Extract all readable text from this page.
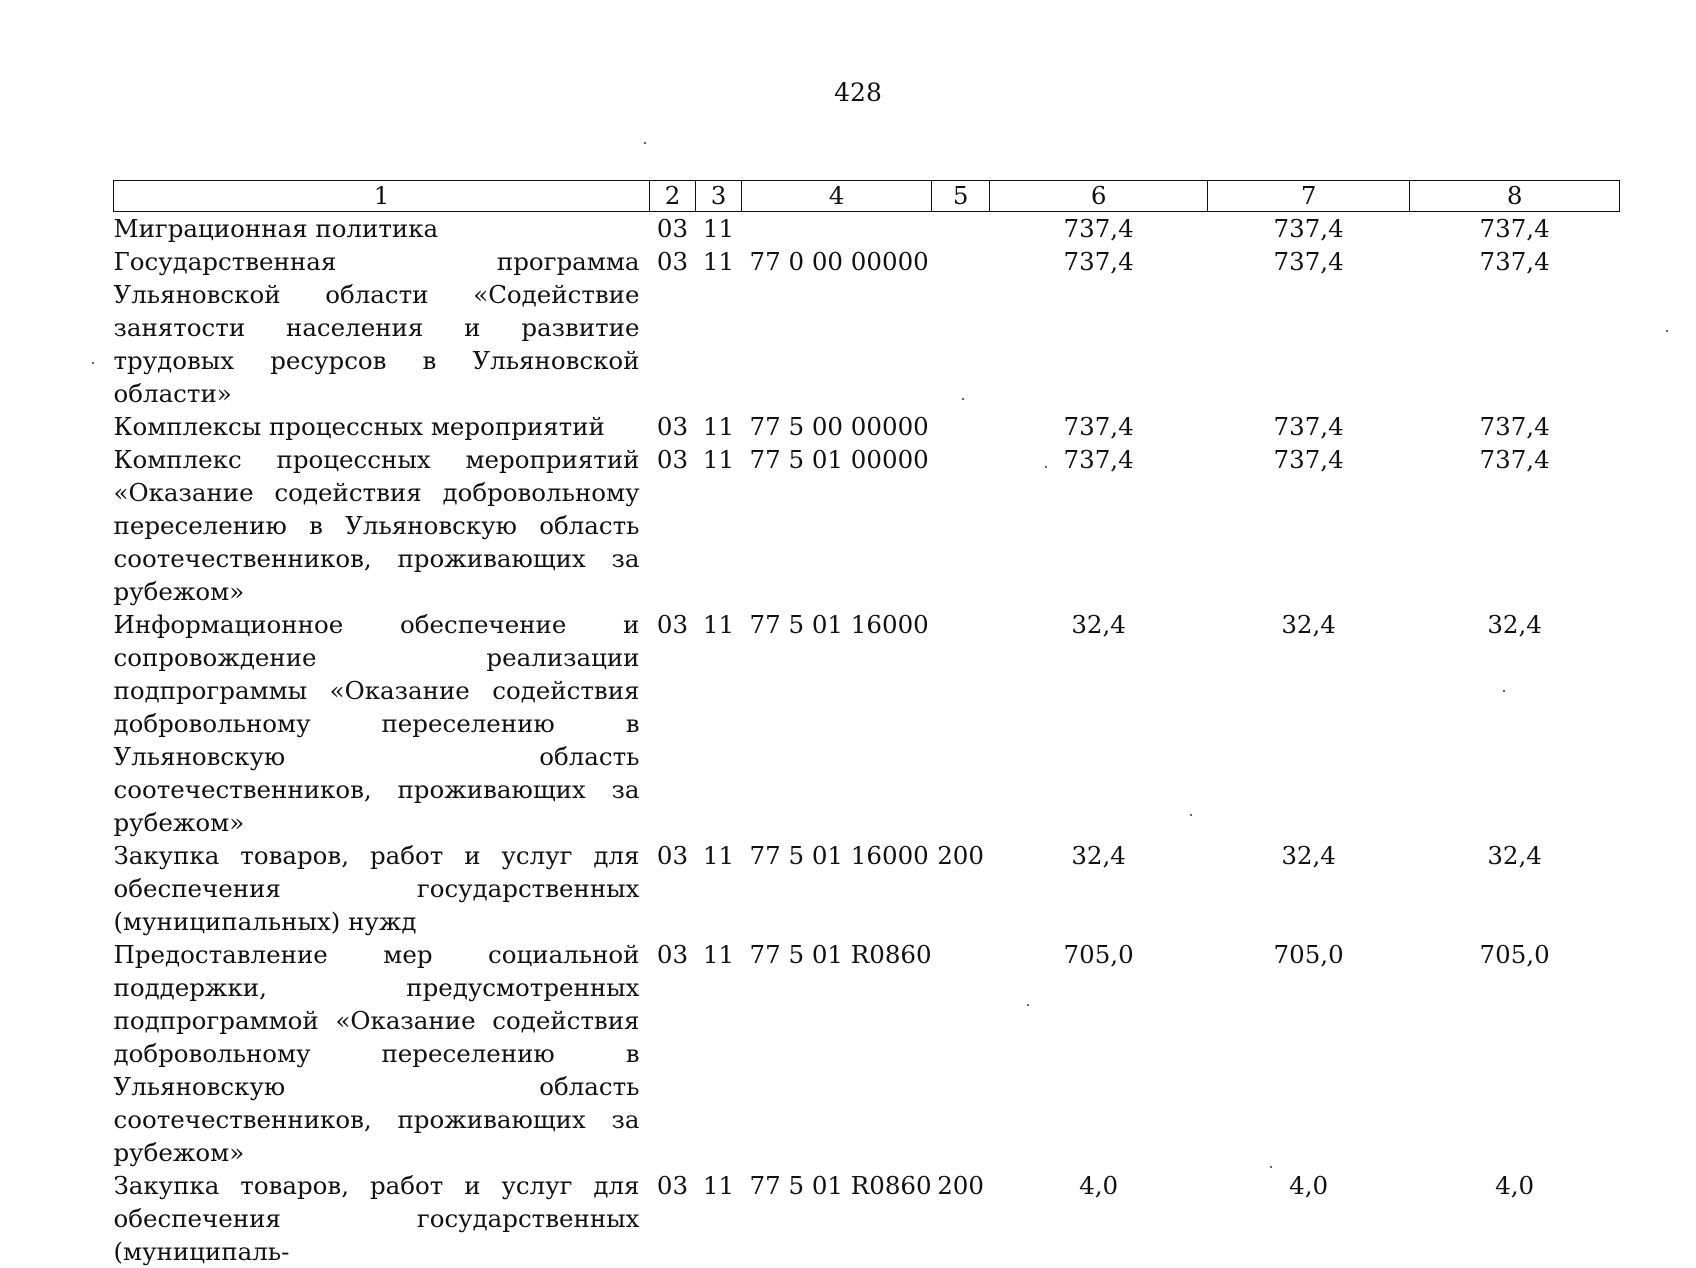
428
1	2	3	4	5	6	7	8
Миграционная политика	03	11			737,4	737,4	737,4
Государственная программа Ульяновской области «Содействие занятости населения и развитие трудовых ресурсов в Ульяновской области»	03	11	77 0 00 00000		737,4	737,4	737,4
Комплексы процессных мероприятий	03	11	77 5 00 00000		737,4	737,4	737,4
Комплекс процессных мероприятий «Оказание содействия добровольному переселению в Ульяновскую область соотечественников, проживающих за рубежом»	03	11	77 5 01 00000		737,4	737,4	737,4
Информационное обеспечение и сопровождение реализации подпрограммы «Оказание содействия добровольному переселению в Ульяновскую область соотечественников, проживающих за рубежом»	03	11	77 5 01 16000		32,4	32,4	32,4
Закупка товаров, работ и услуг для обеспечения государственных (муниципальных) нужд	03	11	77 5 01 16000	200	32,4	32,4	32,4
Предоставление мер социальной поддержки, предусмотренных подпрограммой «Оказание содействия добровольному переселению в Ульяновскую область соотечественников, проживающих за рубежом»	03	11	77 5 01 R0860		705,0	705,0	705,0
Закупка товаров, работ и услуг для обеспечения государственных (муниципаль-	03	11	77 5 01 R0860	200	4,0	4,0	4,0
